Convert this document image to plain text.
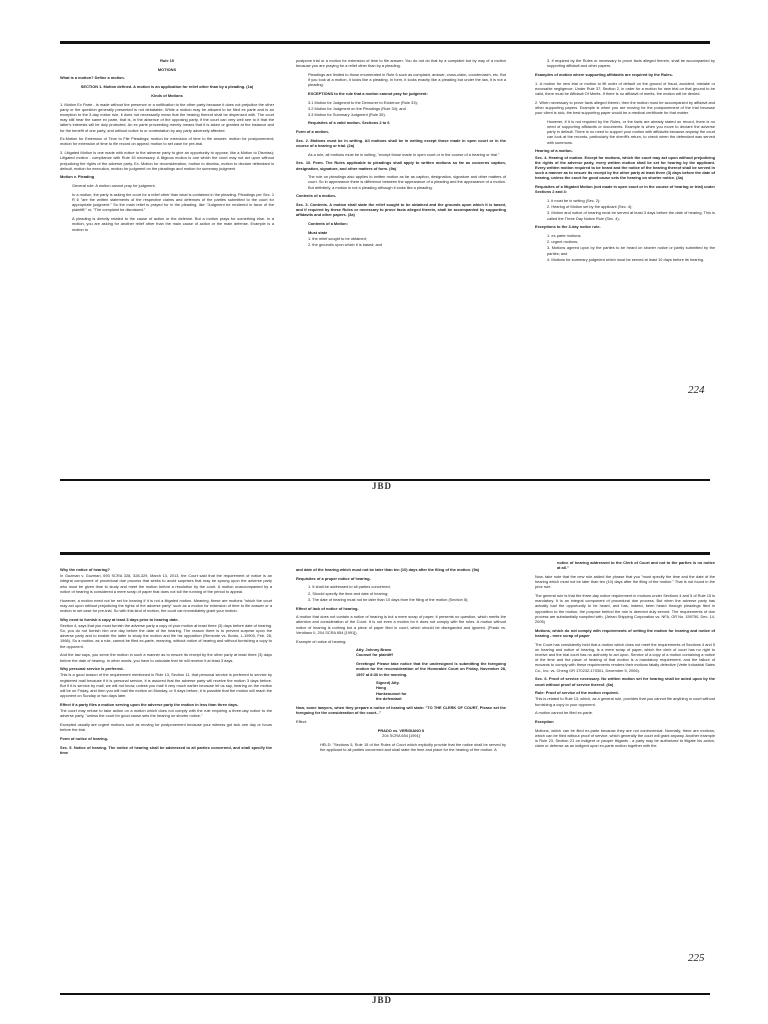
Rule 15

MOTIONS

What is a motion? Define a motion.

SECTION 1. Motion defined. A motion is an application for relief other than by a pleading. (1a)

Kinds of Motions

1. Motion Ex Parte - is made without the presence or a notification to the other party because it does not prejudice the other party or the question generally presented is not debatable; While a motion may be allowed to be filed ex parte and is an exception to the 3-day notice rule, it does not necessarily mean that the hearing thereof shall be dispensed with. The court may still hear the same ex parte, that is, in the absence of the opposing party, if the court can very well see to it that the latter's interests will be duly protected. An ex parte proceeding merely means that it is taken or granted at the instance and for the benefit of one party, and without notice to or contestation by any party adversely affected.

Ex.Motion for Extension of Time to File Pleadings; motion for extension of time to file answer; motion for postponement; motion for extension of time to file record on appeal; motion to set case for pre-trial.

3. Litigated Motion is one made with notice to the adverse party to give an opportunity to oppose, like a Motion to Dismiss); Litigated motion - compliance with Rule 15 necessary. A litigious motion is one which the court may not act upon without prejudicing the rights of the adverse party. Ex. Motion for reconsideration, motion to dismiss, motion to declare defendant in default, motion for execution, motion for judgment on the pleadings and motion for summary judgment

Motion v. Pleading

General rule: A motion cannot pray for judgment.

In a motion, the party is asking the court for a relief other than what is contained in the pleading. Pleadings per Sec. 1 R 6 "are the written statements of the respective claims and defenses of the parties submitted to the court for appropriate judgment." So the main relief is prayed for in the pleading, like "Judgment be rendered in favor of the plaintiff;" or, "The complaint be dismissed."

A pleading is directly related to the cause of action or the defense. But a motion prays for something else. In a motion, you are asking for another relief other than the main cause of action or the main defense. Example is a motion to

postpone trial or a motion for extension of time to file answer. You do not do that by a complaint but by way of a motion because you are praying for a relief other than by a pleading.

Pleadings are limited to those enumerated in Rule 6 such as complaint, answer, cross-claim, counterclaim, etc. But if you look at a motion, it looks like a pleading. In form, it looks exactly like a pleading but under the law, it is not a pleading.

EXCEPTIONS to the rule that a motion cannot pray for judgment:

3.1 Motion for Judgment to the Demurrer to Evidence (Rule 33);
3.2 Motion for Judgment on the Pleadings (Rule 34); and
3.3 Motion for Summary Judgment (Rule 35).

Requisites of a valid motion- Sections 2 to 6

Form of a motion-

Sec. 2. Motions must be in writing. All motions shall be in writing except those made in open court or in the course of a hearing or trial. (2a)

As a rule, all motions must be in writing, "except those made in open court or in the course of a hearing or trial."

Sec. 10. Form. The Rules applicable to pleadings shall apply to written motions so far as concerns caption, designation, signature, and other matters of form. (9a)

The rule on pleadings also applies to written motion as far as caption, designation, signature and other matters of court. So in appearance there is difference between the appearance of a pleading and the appearance of a motion. But definitely, a motion is not a pleading although it looks like a pleading.

Contents of a motion-

Sec. 3. Contents. A motion shall state the relief sought to be obtained and the grounds upon which it is based, and if required by these Rules or necessary to prove facts alleged therein, shall be accompanied by supporting affidavits and other papers. (3a)

Contents of a Motion:

Must state

1. the relief sought to be obtained;

2. the ground/s upon which it is based; and

3. if required by the Rules or necessary to prove facts alleged therein, shall be accompanied by supporting affidavit and other papers.

Examples of motion where supporting affidavits are required by the Rules-

1. A motion for new trial or motion to lift order of default on the ground of fraud, accident, mistake or excusable negligence. Under Rule 37, Section 2, in order for a motion for new trial on that ground to be valid, there must be Affidavit Of Merits. If there is no affidavit of merits, the motion will be denied.

2. When necessary to prove facts alleged therein, then the motion must be accompanied by affidavit and other supporting papers. Example is when you are moving for the postponement of the trial because your client is sick, the best supporting paper would be a medical certificate for that matter.

However, if it is not required by the Rules, or the facts are already stated on record, there is no need of supporting affidavits or documents. Example is when you move to declare the adverse party in default. There is no need to support your motion with affidavits because anyway the court can look at the records, particularly the sheriff's return, to check when the defendant was served with summons.

Hearing of a motion-

Sec. 4. Hearing of motion. Except for motions, which the court may act upon without prejudicing the rights of the adverse party, every written motion shall be set for hearing by the applicant. Every written motion required to be heard and the notice of the hearing thereof shall be served in such a manner as to ensure its receipt by the other party at least three (3) days before the date of hearing, unless the court for good cause sets the hearing on shorter notice. (4a)

Requisites of a litigated Motion (not made in open court or in the course of hearing or trial) under Sections 2 and 4:

1. it must be in writing (Sec. 2);

2. Hearing of Motion set by the applicant (Sec. 4);

3. Motion and notice of hearing must be served at least 3 days before the date of hearing. This is called the Three Day Notice Rule (Sec. 4);

Exceptions to the 3-day notice rule-

1. ex-parte motions;

2. urgent motions;

3. Motions agreed upon by the parties to be heard on shorter notice or jointly submitted by the parties; and

4. Motions for summary judgment which must be served at least 10 days before its hearing.

JBD
224

Why the notice of hearing?

In Guzman v. Guzman, 693 SCRA 328, 328-329, March 13, 2013, the Court said that the requirement of notice is an integral component of procedural due process that seeks to avoid surprises that may be sprung upon the adverse party who must be given time to study and meet the motion before a resolution by the court. A motion unaccompanied by a notice of hearing is considered a mere scrap of paper that does not toll the running of the period to appeal.

However, a motion need not be set for hearing if it is not a litigated motion. Meaning, these are motions "which the court may act upon without prejudicing the rights of the adverse party" such as a motion for extension of time to file answer or a motion to set case for pre-trial. So with this kind of motion, the court can immediately grant your motion.

Why need to furnish a copy at least 3 days prior to hearing date-

Section 4, says that you must furnish the adverse party a copy of your motion at least three (3) days before date of hearing. So, you do not furnish him one day before the date of the hearing. The reason there is to prevent surprise upon the adverse party and to enable the latter to study the motion and file his opposition (Remonte vs. Bonto, L-19900, Feb. 28, 1966). So a motion, as a rule, cannot be filed ex-parte, meaning, without notice of hearing and without furnishing a copy to the opponent.

And the law says, you serve the motion in such a manner as to ensure its receipt by the other party at least three (3) days before the date of hearing. In other words, you have to calculate that he will receive it at least 3 days.

Why personal service is preferred-

This is a good reason of the requirement mentioned in Rule 13, Section 11, that personal service is preferred to service by registered mail because if it is personal service, it is assured that the adverse party will receive the motion 3 days before. But if it is service by mail, we will not know, unless you mail it very much earlier because let us say, hearing on the motion will be on Friday, and then you will mail the motion on Monday, or 5 days before, it is possible that the motion will reach the opponent on Sunday or two days later.

Effect if a party files a motion serving upon the adverse party the motion in less than three days-

The court may refuse to take action on a motion which does not comply with the rule requiring a three-day notice to the adverse party, "unless the court for good cause sets the hearing on shorter notice."

Excepted usually are urgent motions such as moving for postponement because your witness got sick one day or hours before the trial.

Form of notice of hearing-

Sec. 5. Notice of hearing. The notice of hearing shall be addressed to all parties concerned, and shall specify the time

and date of the hearing which must not be later than ten (10) days after the filing of the motion. (5a)

Requisites of a proper notice of hearing-

1. It shall be addressed to all parties concerned;

2. Should specify the time and date of hearing;

3. The date of hearing must not be later than 10 days from the filing of the motion (Section 5);

Effect of lack of notice of hearing-

A motion that does not contain a notice of hearing is but a mere scrap of paper; it presents no question, which merits the attention and consideration of the Court. It is not even a motion for it does not comply with the rules. A motion without notice of hearing is nothing but a piece of paper filed in court, which should be disregarded and ignored. (Prado vs. Veridiano II, 204 SCRA 654 [1991])

Example of notice of hearing:

Atty. Johnny Bravo

Counsel for plaintiff

Greetings! Please take notice that the undersigned is submitting the foregoing motion for the reconsideration of the Honorable Court on Friday, November 28, 1997 at 8:30 in the morning.

Signed) Atty.

Hong

Hunkeounsel for

the defendant

Now, some lawyers, when they prepare a notice of hearing will state: "TO THE CLERK OF COURT, Please set the foregoing for the consideration of the court..."

Effect:

PRADO vs. VERIDIANO II

204 SCRA 654 [1991]

HELD: "Sections 5, Rule 15 of the Rules of Court which explicitly provide that the notice shall be served by the applicant to all parties concerned and shall state the time and place for the hearing of the motion. A

notice of hearing addressed to the Clerk of Court and not to the parties is no notice at all."

Now, take note that the new rule added the phrase that you "must specify the time and the date of the hearing which must not be later than ten (10) days after the filing of the motion." That is not found in the prior rule.

The general rule is that the three-day notice requirement in motions under Sections 4 and 5 of Rule 15 is mandatory. It is an integral component of procedural due process. But when the adverse party has actually had the opportunity to be heard, and has, indeed, been heard through pleadings filed in opposition to the motion, the purpose behind the rule is deemed duly served. The requirements of due process are substantially complied with. (Jehan Shipping Corporation vs. NFA, GR No. 159750, Dec. 14, 2005)

Motions, which do not comply with requirements of setting the motion for hearing and notice of hearing - mere scrap of paper

The Court has consistently held that a motion which does not meet the requirements of Sections 4 and 5 on hearing and notice of hearing, is a mere scrap of paper, which the clerk of court has no right to receive and the trial court has no authority to act upon. Service of a copy of a motion containing a notice of the time and the place of hearing of that motion is a mandatory requirement, and the failure of movants to comply with these requirements renders their motions fatally defective (Vette Industrial Sales Co., Inc. vs. Cheng GR 170232-170301, December 5, 2006).

Sec. 6. Proof of service necessary. No written motion set for hearing shall be acted upon by the court without proof of service thereof. (6a)

Rule: Proof of service of the motion required-

This is related to Rule 13, which, as a general rule, provides that you cannot file anything in court without furnishing a copy to your opponent.

A motion cannot be filed ex-parte.

Exception

Motions, which can be filed ex-parte because they are not controversial. Normally, there are motions, which can be filed without proof of service, which generally the court will grant anyway. Another example is Rule 23, Section 21 on indigent or pauper litigants - a party may be authorized to litigate his action, claim or defense as an indigent upon ex-parte motion together with the

JBD
225
